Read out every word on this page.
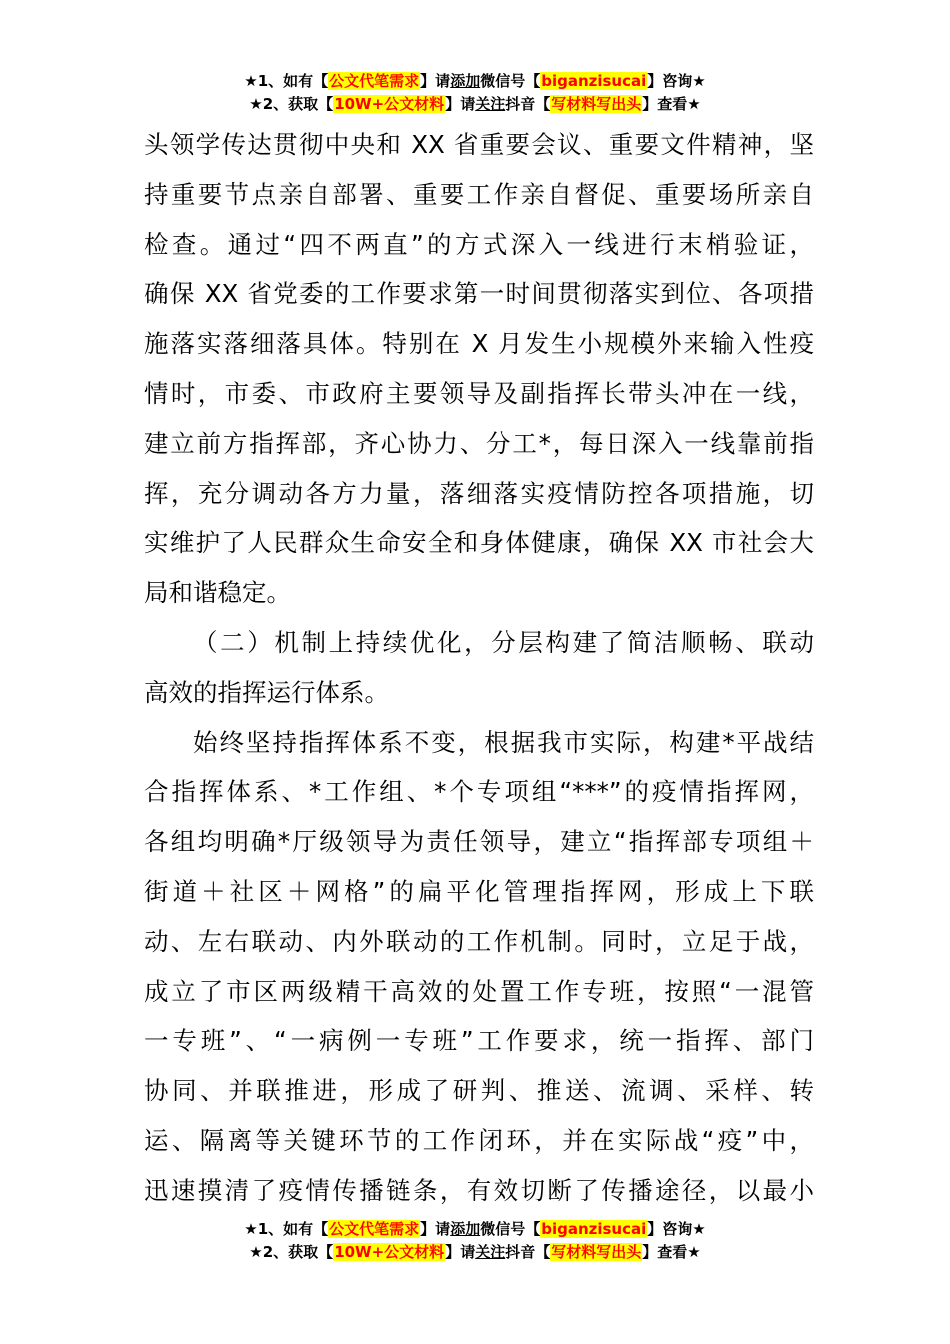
★1、如有【公文代笔需求】请添加微信号【biganzisucai】咨询★
★2、获取【10W+公文材料】请关注抖音【写材料写出头】查看★
头领学传达贯彻中央和 XX 省重要会议、重要文件精神，坚
持重要节点亲自部署、重要工作亲自督促、重要场所亲自
检查。通过“四不两直”的方式深入一线进行末梢验证，
确保 XX 省党委的工作要求第一时间贯彻落实到位、各项措
施落实落细落具体。特别在 X 月发生小规模外来输入性疫
情时，市委、市政府主要领导及副指挥长带头冲在一线，
建立前方指挥部，齐心协力、分工*，每日深入一线靠前指
挥，充分调动各方力量，落细落实疫情防控各项措施，切
实维护了人民群众生命安全和身体健康，确保 XX 市社会大
局和谐稳定。
（二）机制上持续优化，分层构建了简洁顺畅、联动
高效的指挥运行体系。
始终坚持指挥体系不变，根据我市实际，构建*平战结
合指挥体系、*工作组、*个专项组“***”的疫情指挥网，
各组均明确*厅级领导为责任领导，建立“指挥部专项组＋
街道＋社区＋网格”的扁平化管理指挥网，形成上下联
动、左右联动、内外联动的工作机制。同时，立足于战，
成立了市区两级精干高效的处置工作专班，按照“一混管
一专班”、“一病例一专班”工作要求，统一指挥、部门
协同、并联推进，形成了研判、推送、流调、采样、转
运、隔离等关键环节的工作闭环，并在实际战“疫”中，
迅速摸清了疫情传播链条，有效切断了传播途径，以最小
★1、如有【公文代笔需求】请添加微信号【biganzisucai】咨询★
★2、获取【10W+公文材料】请关注抖音【写材料写出头】查看★
